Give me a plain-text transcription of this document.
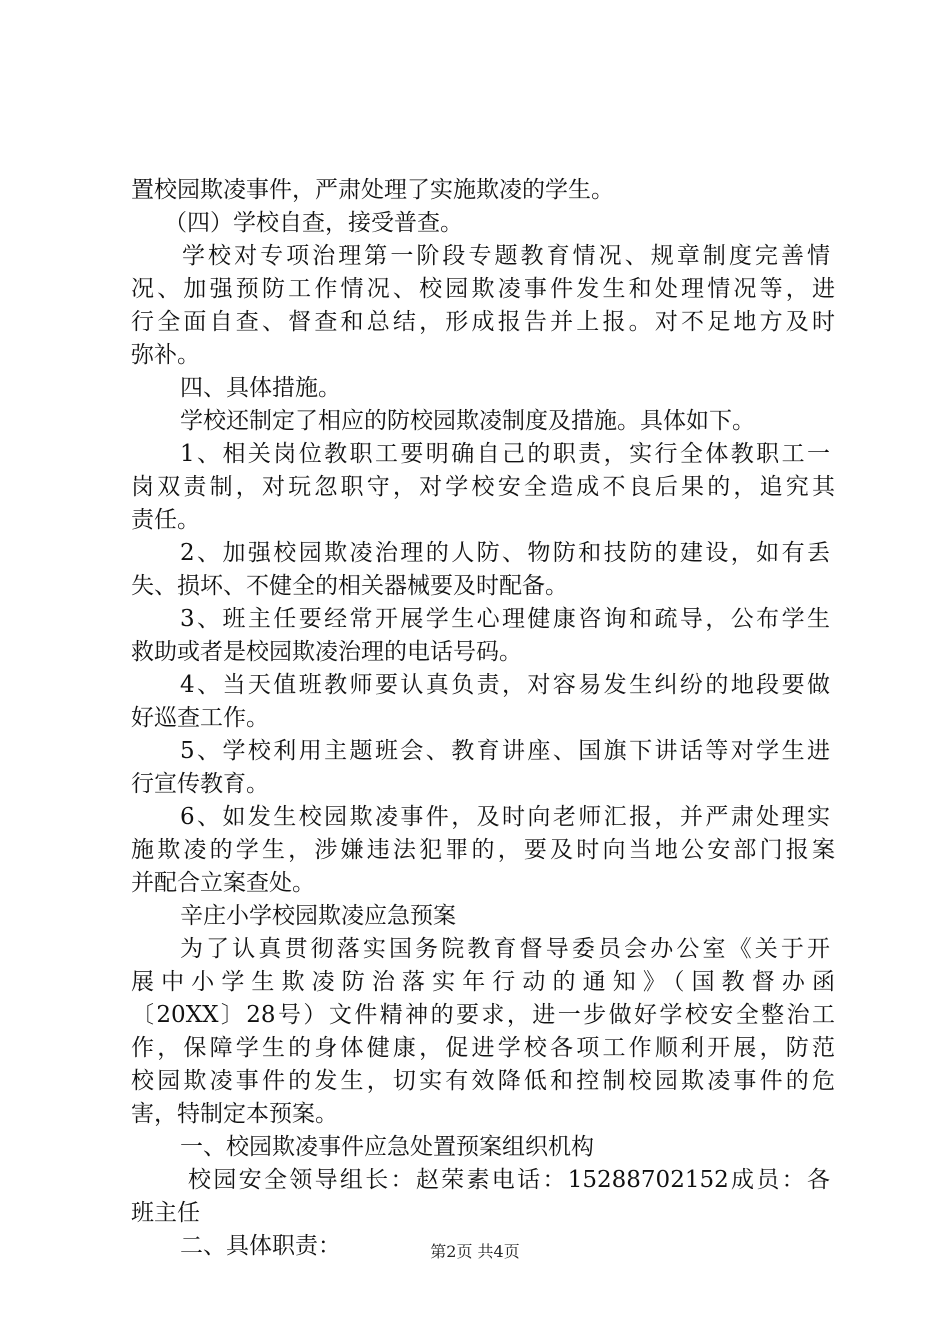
置校园欺凌事件，严肃处理了实施欺凌的学生。
（四）学校自查，接受普查。
学校对专项治理第一阶段专题教育情况、规章制度完善情
况、加强预防工作情况、校园欺凌事件发生和处理情况等，进
行全面自查、督查和总结，形成报告并上报。对不足地方及时
弥补。
四、具体措施。
学校还制定了相应的防校园欺凌制度及措施。具体如下。
1、相关岗位教职工要明确自己的职责，实行全体教职工一
岗双责制，对玩忽职守，对学校安全造成不良后果的，追究其
责任。
2、加强校园欺凌治理的人防、物防和技防的建设，如有丢
失、损坏、不健全的相关器械要及时配备。
3、班主任要经常开展学生心理健康咨询和疏导，公布学生
救助或者是校园欺凌治理的电话号码。
4、当天值班教师要认真负责，对容易发生纠纷的地段要做
好巡查工作。
5、学校利用主题班会、教育讲座、国旗下讲话等对学生进
行宣传教育。
6、如发生校园欺凌事件，及时向老师汇报，并严肃处理实
施欺凌的学生，涉嫌违法犯罪的，要及时向当地公安部门报案
并配合立案查处。
辛庄小学校园欺凌应急预案
为了认真贯彻落实国务院教育督导委员会办公室《关于开
展中小学生欺凌防治落实年行动的通知》（国教督办函
〔20XX〕28号）文件精神的要求，进一步做好学校安全整治工
作，保障学生的身体健康，促进学校各项工作顺利开展，防范
校园欺凌事件的发生，切实有效降低和控制校园欺凌事件的危
害，特制定本预案。
一、校园欺凌事件应急处置预案组织机构
校园安全领导组长：赵荣素电话：15288702152成员：各
班主任
二、具体职责：	第2页 共4页
